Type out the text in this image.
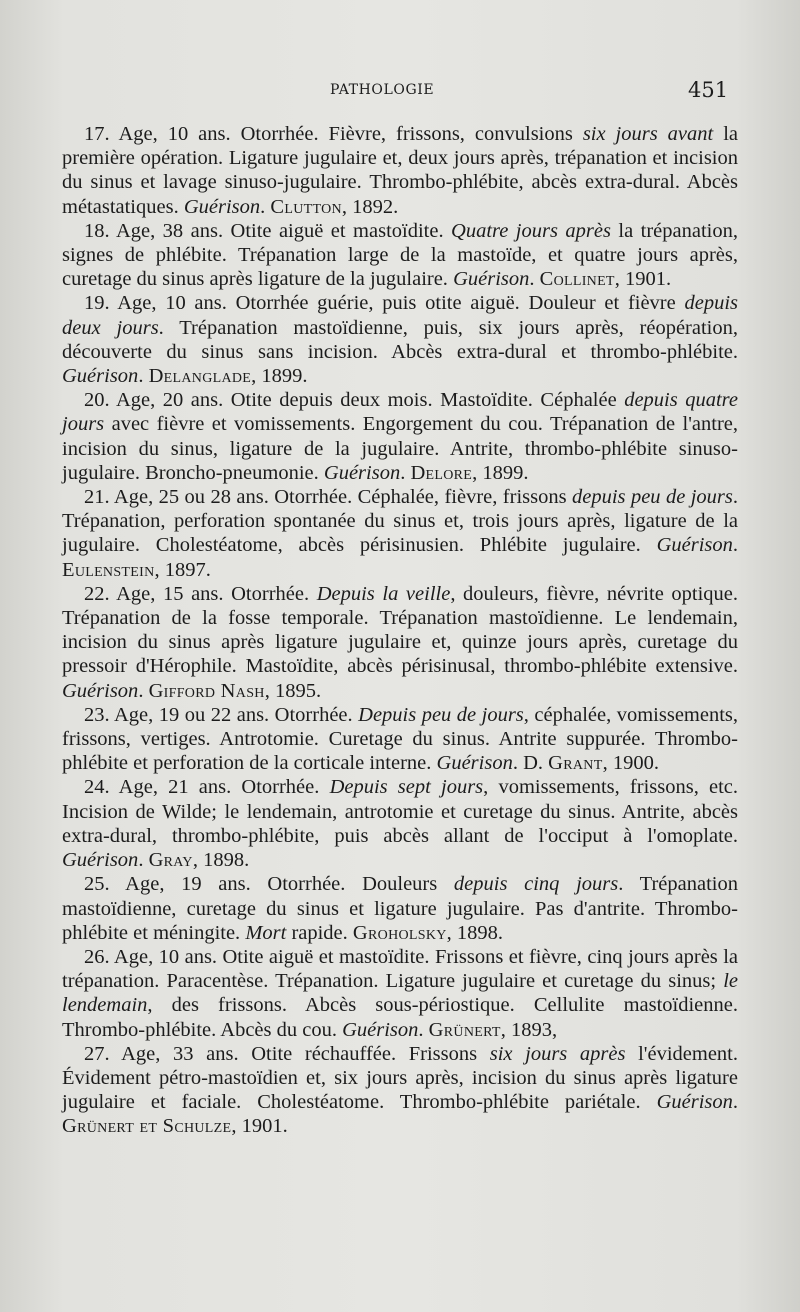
PATHOLOGIE	451

17. Age, 10 ans. Otorrhée. Fièvre, frissons, convulsions six jours avant la première opération. Ligature jugulaire et, deux jours après, trépanation et incision du sinus et lavage sinuso-jugulaire. Thrombo-phlébite, abcès extra-dural. Abcès métastatiques. Guérison. Clutton, 1892.

18. Age, 38 ans. Otite aiguë et mastoïdite. Quatre jours après la trépanation, signes de phlébite. Trépanation large de la mastoïde, et quatre jours après, curetage du sinus après ligature de la jugulaire. Guérison. Collinet, 1901.

19. Age, 10 ans. Otorrhée guérie, puis otite aiguë. Douleur et fièvre depuis deux jours. Trépanation mastoïdienne, puis, six jours après, réopération, découverte du sinus sans incision. Abcès extra-dural et thrombo-phlébite. Guérison. Delanglade, 1899.

20. Age, 20 ans. Otite depuis deux mois. Mastoïdite. Céphalée depuis quatre jours avec fièvre et vomissements. Engorgement du cou. Trépanation de l'antre, incision du sinus, ligature de la jugulaire. Antrite, thrombo-phlébite sinuso-jugulaire. Broncho-pneumonie. Guérison. Delore, 1899.

21. Age, 25 ou 28 ans. Otorrhée. Céphalée, fièvre, frissons depuis peu de jours. Trépanation, perforation spontanée du sinus et, trois jours après, ligature de la jugulaire. Cholestéatome, abcès périsinusien. Phlébite jugulaire. Guérison. Eulenstein, 1897.

22. Age, 15 ans. Otorrhée. Depuis la veille, douleurs, fièvre, névrite optique. Trépanation de la fosse temporale. Trépanation mastoïdienne. Le lendemain, incision du sinus après ligature jugulaire et, quinze jours après, curetage du pressoir d'Hérophile. Mastoïdite, abcès périsinusal, thrombo-phlébite extensive. Guérison. Gifford Nash, 1895.

23. Age, 19 ou 22 ans. Otorrhée. Depuis peu de jours, céphalée, vomissements, frissons, vertiges. Antrotomie. Curetage du sinus. Antrite suppurée. Thrombo-phlébite et perforation de la corticale interne. Guérison. D. Grant, 1900.

24. Age, 21 ans. Otorrhée. Depuis sept jours, vomissements, frissons, etc. Incision de Wilde; le lendemain, antrotomie et curetage du sinus. Antrite, abcès extra-dural, thrombo-phlébite, puis abcès allant de l'occiput à l'omoplate. Guérison. Gray, 1898.

25. Age, 19 ans. Otorrhée. Douleurs depuis cinq jours. Trépanation mastoïdienne, curetage du sinus et ligature jugulaire. Pas d'antrite. Thrombo-phlébite et méningite. Mort rapide. Groholsky, 1898.

26. Age, 10 ans. Otite aiguë et mastoïdite. Frissons et fièvre, cinq jours après la trépanation. Paracentèse. Trépanation. Ligature jugulaire et curetage du sinus; le lendemain, des frissons. Abcès sous-périostique. Cellulite mastoïdienne. Thrombo-phlébite. Abcès du cou. Guérison. Grünert, 1893,

27. Age, 33 ans. Otite réchauffée. Frissons six jours après l'évidement. Évidement pétro-mastoïdien et, six jours après, incision du sinus après ligature jugulaire et faciale. Cholestéatome. Thrombo-phlébite pariétale. Guérison. Grünert et Schulze, 1901.
